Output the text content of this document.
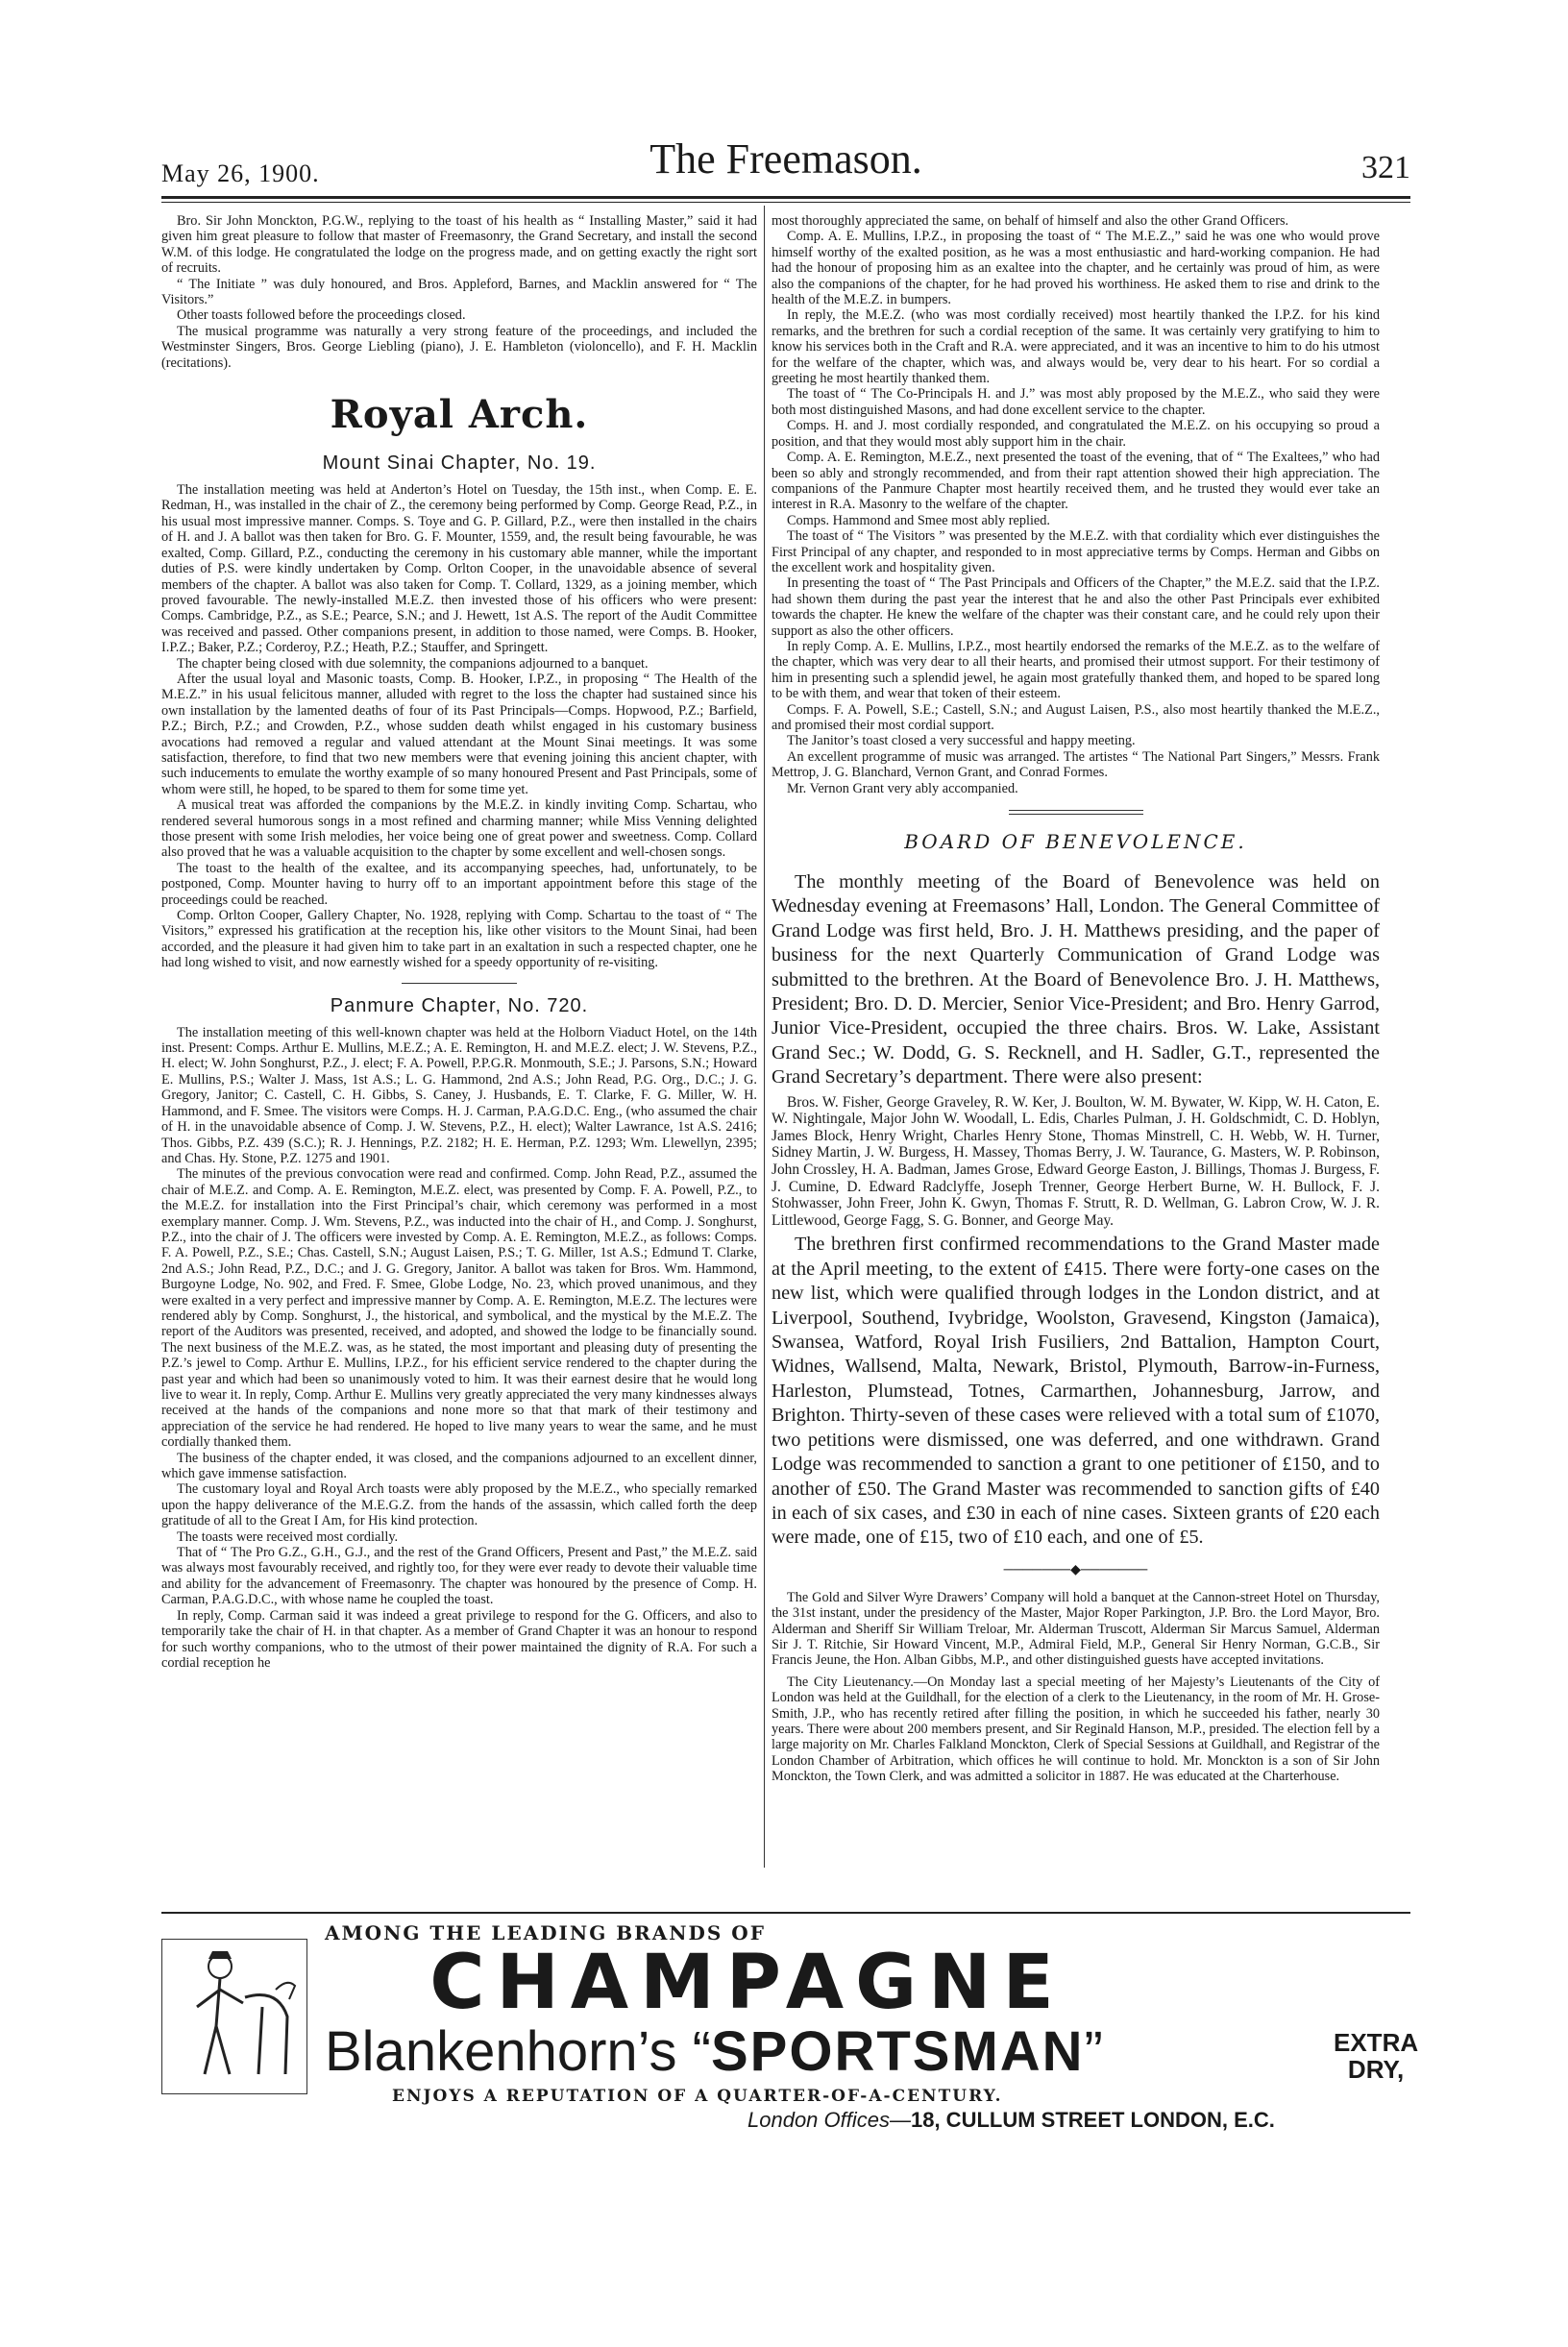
May 26, 1900.	The Freemason.	321

Bro. Sir John Monckton, P.G.W., replying to the toast of his health as “ Installing Master,” said it had given him great pleasure to follow that master of Freemasonry, the Grand Secretary, and install the second W.M. of this lodge. He congratulated the lodge on the progress made, and on getting exactly the right sort of recruits.

“ The Initiate ” was duly honoured, and Bros. Appleford, Barnes, and Macklin answered for “ The Visitors.”

Other toasts followed before the proceedings closed.

The musical programme was naturally a very strong feature of the proceedings, and included the Westminster Singers, Bros. George Liebling (piano), J. E. Hambleton (violoncello), and F. H. Macklin (recitations).

Royal Arch.
Mount Sinai Chapter, No. 19.

The installation meeting was held at Anderton’s Hotel on Tuesday, the 15th inst., when Comp. E. E. Redman, H., was installed in the chair of Z., the ceremony being performed by Comp. George Read, P.Z., in his usual most impressive manner. Comps. S. Toye and G. P. Gillard, P.Z., were then installed in the chairs of H. and J. A ballot was then taken for Bro. G. F. Mounter, 1559, and, the result being favourable, he was exalted, Comp. Gillard, P.Z., conducting the ceremony in his customary able manner, while the important duties of P.S. were kindly undertaken by Comp. Orlton Cooper, in the unavoidable absence of several members of the chapter. A ballot was also taken for Comp. T. Collard, 1329, as a joining member, which proved favourable. The newly-installed M.E.Z. then invested those of his officers who were present: Comps. Cambridge, P.Z., as S.E.; Pearce, S.N.; and J. Hewett, 1st A.S. The report of the Audit Committee was received and passed. Other companions present, in addition to those named, were Comps. B. Hooker, I.P.Z.; Baker, P.Z.; Corderoy, P.Z.; Heath, P.Z.; Stauffer, and Springett.

The chapter being closed with due solemnity, the companions adjourned to a banquet.

After the usual loyal and Masonic toasts, Comp. B. Hooker, I.P.Z., in proposing “ The Health of the M.E.Z.” in his usual felicitous manner, alluded with regret to the loss the chapter had sustained since his own installation by the lamented deaths of four of its Past Principals—Comps. Hopwood, P.Z.; Barfield, P.Z.; Birch, P.Z.; and Crowden, P.Z., whose sudden death whilst engaged in his customary business avocations had removed a regular and valued attendant at the Mount Sinai meetings. It was some satisfaction, therefore, to find that two new members were that evening joining this ancient chapter, with such inducements to emulate the worthy example of so many honoured Present and Past Principals, some of whom were still, he hoped, to be spared to them for some time yet.

A musical treat was afforded the companions by the M.E.Z. in kindly inviting Comp. Schartau, who rendered several humorous songs in a most refined and charming manner; while Miss Venning delighted those present with some Irish melodies, her voice being one of great power and sweetness. Comp. Collard also proved that he was a valuable acquisition to the chapter by some excellent and well-chosen songs.

The toast to the health of the exaltee, and its accompanying speeches, had, unfortunately, to be postponed, Comp. Mounter having to hurry off to an important appointment before this stage of the proceedings could be reached.

Comp. Orlton Cooper, Gallery Chapter, No. 1928, replying with Comp. Schartau to the toast of “ The Visitors,” expressed his gratification at the reception his, like other visitors to the Mount Sinai, had been accorded, and the pleasure it had given him to take part in an exaltation in such a respected chapter, one he had long wished to visit, and now earnestly wished for a speedy opportunity of re-visiting.

Panmure Chapter, No. 720.

The installation meeting of this well-known chapter was held at the Holborn Viaduct Hotel, on the 14th inst. Present: Comps. Arthur E. Mullins, M.E.Z.; A. E. Remington, H. and M.E.Z. elect; J. W. Stevens, P.Z., H. elect; W. John Songhurst, P.Z., J. elect; F. A. Powell, P.P.G.R. Monmouth, S.E.; J. Parsons, S.N.; Howard E. Mullins, P.S.; Walter J. Mass, 1st A.S.; L. G. Hammond, 2nd A.S.; John Read, P.G. Org., D.C.; J. G. Gregory, Janitor; C. Castell, C. H. Gibbs, S. Caney, J. Husbands, E. T. Clarke, F. G. Miller, W. H. Hammond, and F. Smee. The visitors were Comps. H. J. Carman, P.A.G.D.C. Eng., (who assumed the chair of H. in the unavoidable absence of Comp. J. W. Stevens, P.Z., H. elect); Walter Lawrance, 1st A.S. 2416; Thos. Gibbs, P.Z. 439 (S.C.); R. J. Hennings, P.Z. 2182; H. E. Herman, P.Z. 1293; Wm. Llewellyn, 2395; and Chas. Hy. Stone, P.Z. 1275 and 1901.

The minutes of the previous convocation were read and confirmed. Comp. John Read, P.Z., assumed the chair of M.E.Z. and Comp. A. E. Remington, M.E.Z. elect, was presented by Comp. F. A. Powell, P.Z., to the M.E.Z. for installation into the First Principal’s chair, which ceremony was performed in a most exemplary manner. Comp. J. Wm. Stevens, P.Z., was inducted into the chair of H., and Comp. J. Songhurst, P.Z., into the chair of J. The officers were invested by Comp. A. E. Remington, M.E.Z., as follows: Comps. F. A. Powell, P.Z., S.E.; Chas. Castell, S.N.; August Laisen, P.S.; T. G. Miller, 1st A.S.; Edmund T. Clarke, 2nd A.S.; John Read, P.Z., D.C.; and J. G. Gregory, Janitor. A ballot was taken for Bros. Wm. Hammond, Burgoyne Lodge, No. 902, and Fred. F. Smee, Globe Lodge, No. 23, which proved unanimous, and they were exalted in a very perfect and impressive manner by Comp. A. E. Remington, M.E.Z. The lectures were rendered ably by Comp. Songhurst, J., the historical, and symbolical, and the mystical by the M.E.Z. The report of the Auditors was presented, received, and adopted, and showed the lodge to be financially sound. The next business of the M.E.Z. was, as he stated, the most important and pleasing duty of presenting the P.Z.’s jewel to Comp. Arthur E. Mullins, I.P.Z., for his efficient service rendered to the chapter during the past year and which had been so unanimously voted to him. It was their earnest desire that he would long live to wear it. In reply, Comp. Arthur E. Mullins very greatly appreciated the very many kindnesses always received at the hands of the companions and none more so that that mark of their testimony and appreciation of the service he had rendered. He hoped to live many years to wear the same, and he must cordially thanked them.

The business of the chapter ended, it was closed, and the companions adjourned to an excellent dinner, which gave immense satisfaction.

The customary loyal and Royal Arch toasts were ably proposed by the M.E.Z., who specially remarked upon the happy deliverance of the M.E.G.Z. from the hands of the assassin, which called forth the deep gratitude of all to the Great I Am, for His kind protection.

The toasts were received most cordially.

That of “ The Pro G.Z., G.H., G.J., and the rest of the Grand Officers, Present and Past,” the M.E.Z. said was always most favourably received, and rightly too, for they were ever ready to devote their valuable time and ability for the advancement of Freemasonry. The chapter was honoured by the presence of Comp. H. Carman, P.A.G.D.C., with whose name he coupled the toast.

In reply, Comp. Carman said it was indeed a great privilege to respond for the G. Officers, and also to temporarily take the chair of H. in that chapter. As a member of Grand Chapter it was an honour to respond for such worthy companions, who to the utmost of their power maintained the dignity of R.A. For such a cordial reception he

most thoroughly appreciated the same, on behalf of himself and also the other Grand Officers.

Comp. A. E. Mullins, I.P.Z., in proposing the toast of “ The M.E.Z.,” said he was one who would prove himself worthy of the exalted position, as he was a most enthusiastic and hard-working companion. He had had the honour of proposing him as an exaltee into the chapter, and he certainly was proud of him, as were also the companions of the chapter, for he had proved his worthiness. He asked them to rise and drink to the health of the M.E.Z. in bumpers.

In reply, the M.E.Z. (who was most cordially received) most heartily thanked the I.P.Z. for his kind remarks, and the brethren for such a cordial reception of the same. It was certainly very gratifying to him to know his services both in the Craft and R.A. were appreciated, and it was an incentive to him to do his utmost for the welfare of the chapter, which was, and always would be, very dear to his heart. For so cordial a greeting he most heartily thanked them.

The toast of “ The Co-Principals H. and J.” was most ably proposed by the M.E.Z., who said they were both most distinguished Masons, and had done excellent service to the chapter.

Comps. H. and J. most cordially responded, and congratulated the M.E.Z. on his occupying so proud a position, and that they would most ably support him in the chair.

Comp. A. E. Remington, M.E.Z., next presented the toast of the evening, that of “ The Exaltees,” who had been so ably and strongly recommended, and from their rapt attention showed their high appreciation. The companions of the Panmure Chapter most heartily received them, and he trusted they would ever take an interest in R.A. Masonry to the welfare of the chapter.

Comps. Hammond and Smee most ably replied.

The toast of “ The Visitors ” was presented by the M.E.Z. with that cordiality which ever distinguishes the First Principal of any chapter, and responded to in most appreciative terms by Comps. Herman and Gibbs on the excellent work and hospitality given.

In presenting the toast of “ The Past Principals and Officers of the Chapter,” the M.E.Z. said that the I.P.Z. had shown them during the past year the interest that he and also the other Past Principals ever exhibited towards the chapter. He knew the welfare of the chapter was their constant care, and he could rely upon their support as also the other officers.

In reply Comp. A. E. Mullins, I.P.Z., most heartily endorsed the remarks of the M.E.Z. as to the welfare of the chapter, which was very dear to all their hearts, and promised their utmost support. For their testimony of him in presenting such a splendid jewel, he again most gratefully thanked them, and hoped to be spared long to be with them, and wear that token of their esteem.

Comps. F. A. Powell, S.E.; Castell, S.N.; and August Laisen, P.S., also most heartily thanked the M.E.Z., and promised their most cordial support.

The Janitor’s toast closed a very successful and happy meeting.

An excellent programme of music was arranged. The artistes “ The National Part Singers,” Messrs. Frank Mettrop, J. G. Blanchard, Vernon Grant, and Conrad Formes.

Mr. Vernon Grant very ably accompanied.

BOARD OF BENEVOLENCE.

The monthly meeting of the Board of Benevolence was held on Wednesday evening at Freemasons’ Hall, London. The General Committee of Grand Lodge was first held, Bro. J. H. Matthews presiding, and the paper of business for the next Quarterly Communication of Grand Lodge was submitted to the brethren. At the Board of Benevolence Bro. J. H. Matthews, President; Bro. D. D. Mercier, Senior Vice-President; and Bro. Henry Garrod, Junior Vice-President, occupied the three chairs. Bros. W. Lake, Assistant Grand Sec.; W. Dodd, G. S. Recknell, and H. Sadler, G.T., represented the Grand Secretary’s department. There were also present:

Bros. W. Fisher, George Graveley, R. W. Ker, J. Boulton, W. M. Bywater, W. Kipp, W. H. Caton, E. W. Nightingale, Major John W. Woodall, L. Edis, Charles Pulman, J. H. Goldschmidt, C. D. Hoblyn, James Block, Henry Wright, Charles Henry Stone, Thomas Minstrell, C. H. Webb, W. H. Turner, Sidney Martin, J. W. Burgess, H. Massey, Thomas Berry, J. W. Taurance, G. Masters, W. P. Robinson, John Crossley, H. A. Badman, James Grose, Edward George Easton, J. Billings, Thomas J. Burgess, F. J. Cumine, D. Edward Radclyffe, Joseph Trenner, George Herbert Burne, W. H. Bullock, F. J. Stohwasser, John Freer, John K. Gwyn, Thomas F. Strutt, R. D. Wellman, G. Labron Crow, W. J. R. Littlewood, George Fagg, S. G. Bonner, and George May.

The brethren first confirmed recommendations to the Grand Master made at the April meeting, to the extent of £415. There were forty-one cases on the new list, which were qualified through lodges in the London district, and at Liverpool, Southend, Ivybridge, Woolston, Gravesend, Kingston (Jamaica), Swansea, Watford, Royal Irish Fusiliers, 2nd Battalion, Hampton Court, Widnes, Wallsend, Malta, Newark, Bristol, Plymouth, Barrow-in-Furness, Harleston, Plumstead, Totnes, Carmarthen, Johannesburg, Jarrow, and Brighton. Thirty-seven of these cases were relieved with a total sum of £1070, two petitions were dismissed, one was deferred, and one withdrawn. Grand Lodge was recommended to sanction a grant to one petitioner of £150, and to another of £50. The Grand Master was recommended to sanction gifts of £40 in each of six cases, and £30 in each of nine cases. Sixteen grants of £20 each were made, one of £15, two of £10 each, and one of £5.

───────◆───────

The Gold and Silver Wyre Drawers’ Company will hold a banquet at the Cannon-street Hotel on Thursday, the 31st instant, under the presidency of the Master, Major Roper Parkington, J.P. Bro. the Lord Mayor, Bro. Alderman and Sheriff Sir William Treloar, Mr. Alderman Truscott, Alderman Sir Marcus Samuel, Alderman Sir J. T. Ritchie, Sir Howard Vincent, M.P., Admiral Field, M.P., General Sir Henry Norman, G.C.B., Sir Francis Jeune, the Hon. Alban Gibbs, M.P., and other distinguished guests have accepted invitations.

The City Lieutenancy.—On Monday last a special meeting of her Majesty’s Lieutenants of the City of London was held at the Guildhall, for the election of a clerk to the Lieutenancy, in the room of Mr. H. Grose-Smith, J.P., who has recently retired after filling the position, in which he succeeded his father, nearly 30 years. There were about 200 members present, and Sir Reginald Hanson, M.P., presided. The election fell by a large majority on Mr. Charles Falkland Monckton, Clerk of Special Sessions at Guildhall, and Registrar of the London Chamber of Arbitration, which offices he will continue to hold. Mr. Monckton is a son of Sir John Monckton, the Town Clerk, and was admitted a solicitor in 1887. He was educated at the Charterhouse.

AMONG THE LEADING BRANDS OF
CHAMPAGNE
Blankenhorn’s “SPORTSMAN”	EXTRA
DRY,
ENJOYS A REPUTATION OF A QUARTER-OF-A-CENTURY.
London Offices—18, CULLUM STREET LONDON, E.C.
